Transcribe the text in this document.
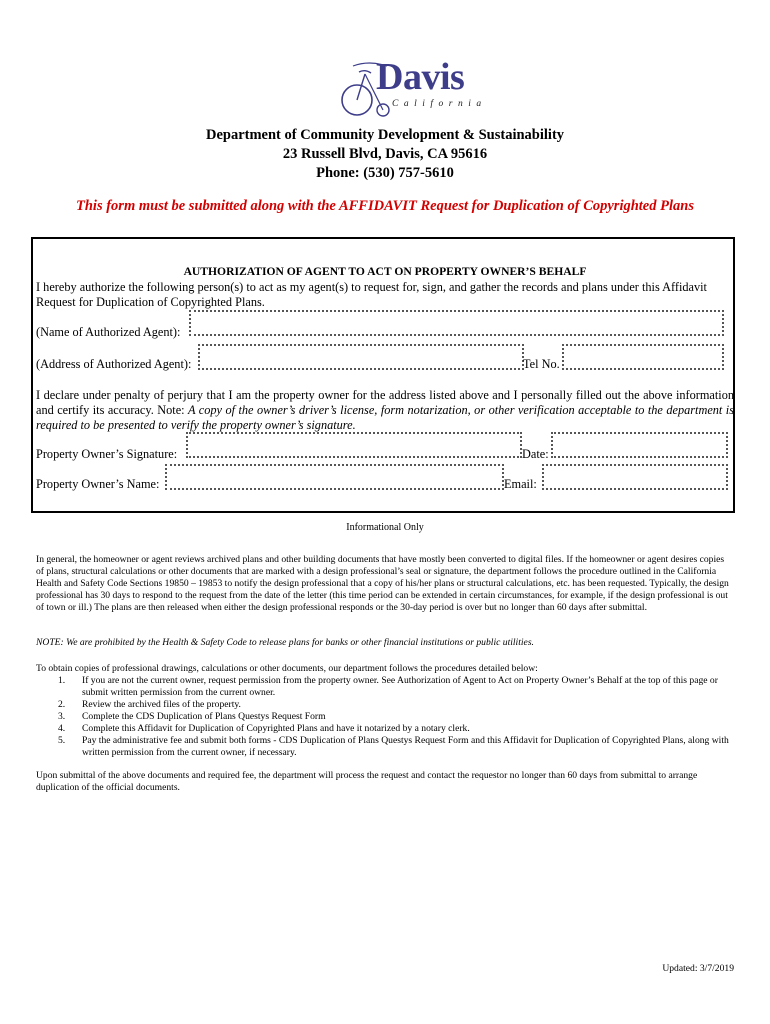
Davis
California
Department of Community Development & Sustainability
23 Russell Blvd, Davis, CA 95616
Phone: (530) 757-5610
This form must be submitted along with the AFFIDAVIT Request for Duplication of Copyrighted Plans
AUTHORIZATION OF AGENT TO ACT ON PROPERTY OWNER’S BEHALF
I hereby authorize the following person(s) to act as my agent(s) to request for, sign, and gather the records and plans under this Affidavit Request for Duplication of Copyrighted Plans.
(Name of Authorized Agent):
(Address of Authorized Agent):	Tel No.
I declare under penalty of perjury that I am the property owner for the address listed above and I personally filled out the above information and certify its accuracy. Note: A copy of the owner’s driver’s license, form notarization, or other verification acceptable to the department is required to be presented to verify the property owner’s signature.
Property Owner’s Signature:	Date:
Property Owner’s Name:	Email:
Informational Only
In general, the homeowner or agent reviews archived plans and other building documents that have mostly been converted to digital files. If the homeowner or agent desires copies of plans, structural calculations or other documents that are marked with a design professional’s seal or signature, the department follows the procedure outlined in the California Health and Safety Code Sections 19850 – 19853 to notify the design professional that a copy of his/her plans or structural calculations, etc. has been requested. Typically, the design professional has 30 days to respond to the request from the date of the letter (this time period can be extended in certain circumstances, for example, if the design professional is out of town or ill.) The plans are then released when either the design professional responds or the 30-day period is over but no longer than 60 days after submittal.
NOTE: We are prohibited by the Health & Safety Code to release plans for banks or other financial institutions or public utilities.
To obtain copies of professional drawings, calculations or other documents, our department follows the procedures detailed below:
1. If you are not the current owner, request permission from the property owner. See Authorization of Agent to Act on Property Owner’s Behalf at the top of this page or submit written permission from the current owner.
2. Review the archived files of the property.
3. Complete the CDS Duplication of Plans Questys Request Form
4. Complete this Affidavit for Duplication of Copyrighted Plans and have it notarized by a notary clerk.
5. Pay the administrative fee and submit both forms - CDS Duplication of Plans Questys Request Form and this Affidavit for Duplication of Copyrighted Plans, along with written permission from the current owner, if necessary.
Upon submittal of the above documents and required fee, the department will process the request and contact the requestor no longer than 60 days from submittal to arrange duplication of the official documents.
Updated: 3/7/2019
